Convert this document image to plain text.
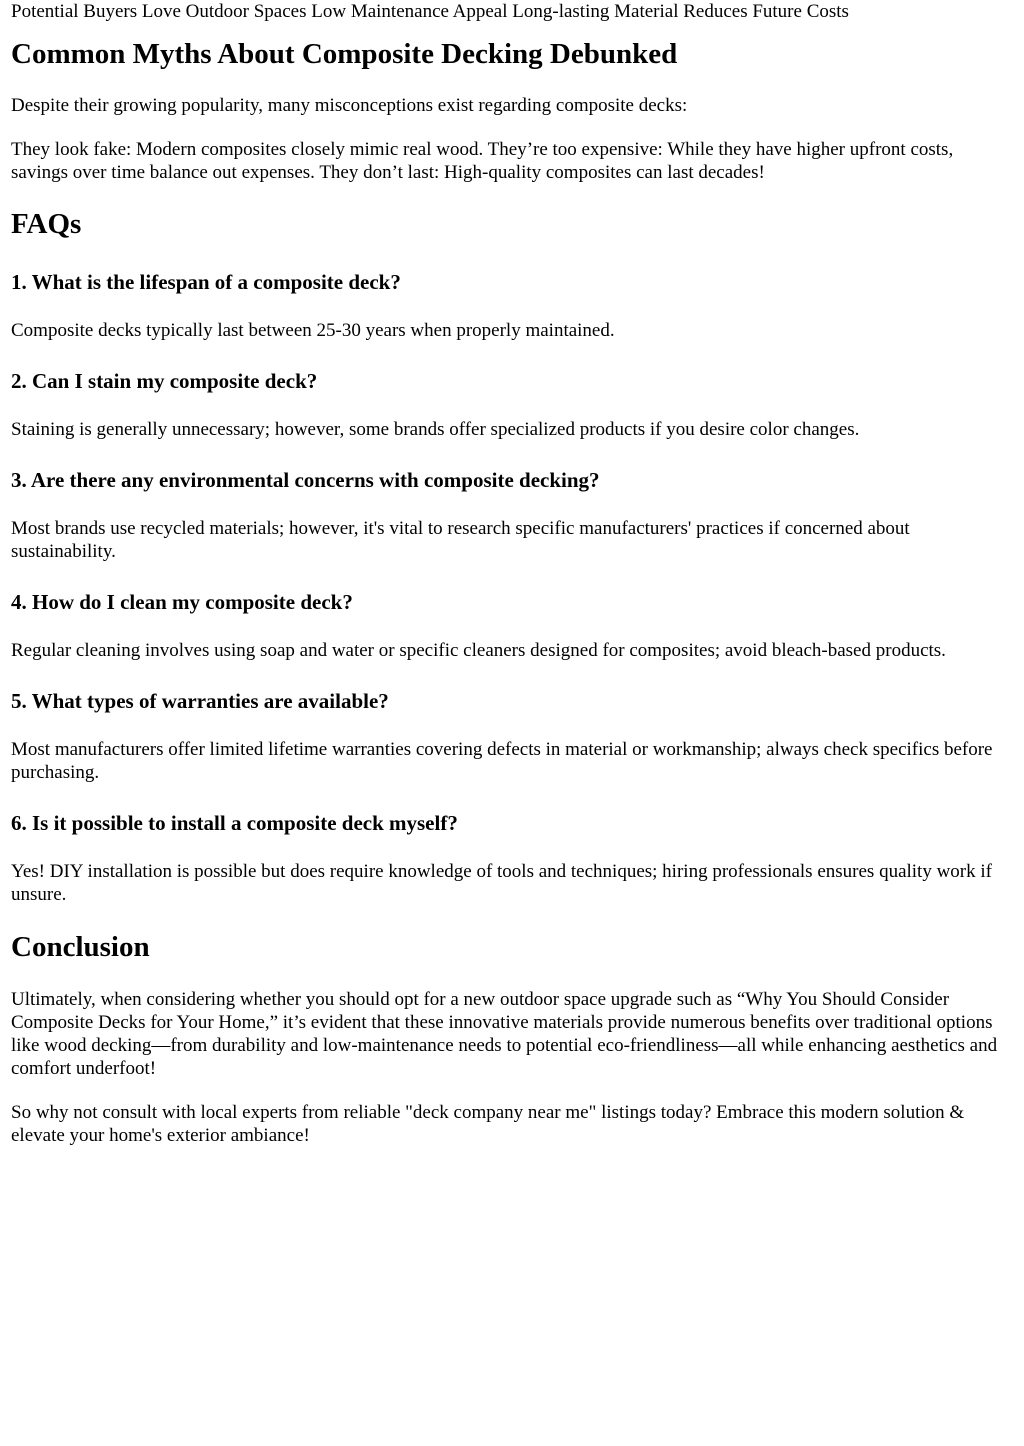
Potential Buyers Love Outdoor Spaces Low Maintenance Appeal Long-lasting Material Reduces Future Costs

Common Myths About Composite Decking Debunked

Despite their growing popularity, many misconceptions exist regarding composite decks:

They look fake: Modern composites closely mimic real wood. They’re too expensive: While they have higher upfront costs, savings over time balance out expenses. They don’t last: High-quality composites can last decades!

FAQs
1. What is the lifespan of a composite deck?

Composite decks typically last between 25-30 years when properly maintained.

2. Can I stain my composite deck?

Staining is generally unnecessary; however, some brands offer specialized products if you desire color changes.

3. Are there any environmental concerns with composite decking?

Most brands use recycled materials; however, it's vital to research specific manufacturers' practices if concerned about sustainability.

4. How do I clean my composite deck?

Regular cleaning involves using soap and water or specific cleaners designed for composites; avoid bleach-based products.

5. What types of warranties are available?

Most manufacturers offer limited lifetime warranties covering defects in material or workmanship; always check specifics before purchasing.

6. Is it possible to install a composite deck myself?

Yes! DIY installation is possible but does require knowledge of tools and techniques; hiring professionals ensures quality work if unsure.

Conclusion

Ultimately, when considering whether you should opt for a new outdoor space upgrade such as “Why You Should Consider Composite Decks for Your Home,” it’s evident that these innovative materials provide numerous benefits over traditional options like wood decking—from durability and low-maintenance needs to potential eco-friendliness—all while enhancing aesthetics and comfort underfoot!

So why not consult with local experts from reliable "deck company near me" listings today? Embrace this modern solution & elevate your home's exterior ambiance!
